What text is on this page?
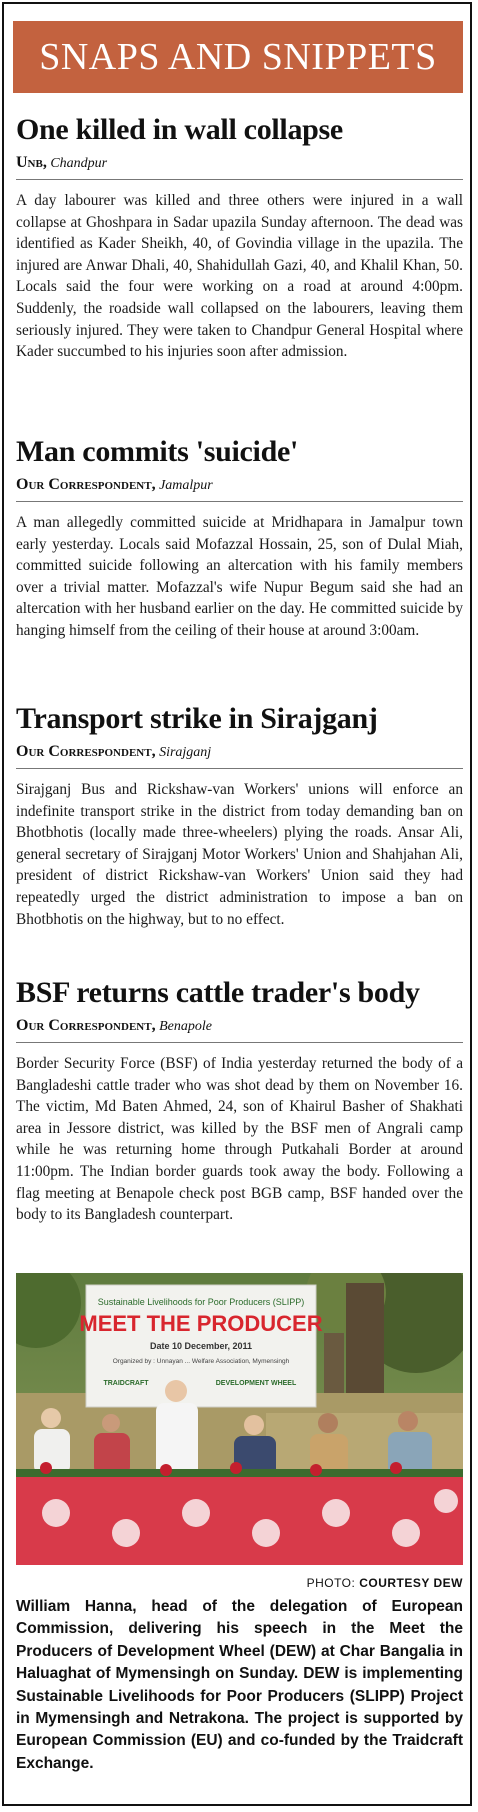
SNAPS AND SNIPPETS
One killed in wall collapse
Unb, Chandpur
A day labourer was killed and three others were injured in a wall collapse at Ghoshpara in Sadar upazila Sunday afternoon. The dead was identified as Kader Sheikh, 40, of Govindia village in the upazila. The injured are Anwar Dhali, 40, Shahidullah Gazi, 40, and Khalil Khan, 50. Locals said the four were working on a road at around 4:00pm. Suddenly, the roadside wall collapsed on the labourers, leaving them seriously injured. They were taken to Chandpur General Hospital where Kader succumbed to his injuries soon after admission.
Man commits 'suicide'
Our Correspondent, Jamalpur
A man allegedly committed suicide at Mridhapara in Jamalpur town early yesterday. Locals said Mofazzal Hossain, 25, son of Dulal Miah, committed suicide following an altercation with his family members over a trivial matter. Mofazzal's wife Nupur Begum said she had an altercation with her husband earlier on the day. He committed suicide by hanging himself from the ceiling of their house at around 3:00am.
Transport strike in Sirajganj
Our Correspondent, Sirajganj
Sirajganj Bus and Rickshaw-van Workers' unions will enforce an indefinite transport strike in the district from today demanding ban on Bhotbhotis (locally made three-wheelers) plying the roads. Ansar Ali, general secretary of Sirajganj Motor Workers' Union and Shahjahan Ali, president of district Rickshaw-van Workers' Union said they had repeatedly urged the district administration to impose a ban on Bhotbhotis on the highway, but to no effect.
BSF returns cattle trader's body
Our Correspondent, Benapole
Border Security Force (BSF) of India yesterday returned the body of a Bangladeshi cattle trader who was shot dead by them on November 16. The victim, Md Baten Ahmed, 24, son of Khairul Basher of Shakhati area in Jessore district, was killed by the BSF men of Angrali camp while he was returning home through Putkahali Border at around 11:00pm. The Indian border guards took away the body. Following a flag meeting at Benapole check post BGB camp, BSF handed over the body to its Bangladesh counterpart.
Sustainable Livelihoods for Poor Producers (SLIPP)
MEET THE PRODUCER
Date 10 December, 2011
Organized by : Unnayan ... Welfare Association, Mymensingh
TRAIDCRAFT	DEVELOPMENT WHEEL
PHOTO: COURTESY DEW
William Hanna, head of the delegation of European Commission, delivering his speech in the Meet the Producers of Development Wheel (DEW) at Char Bangalia in Haluaghat of Mymensingh on Sunday. DEW is implementing Sustainable Livelihoods for Poor Producers (SLIPP) Project in Mymensingh and Netrakona. The project is supported by European Commission (EU) and co-funded by the Traidcraft Exchange.
